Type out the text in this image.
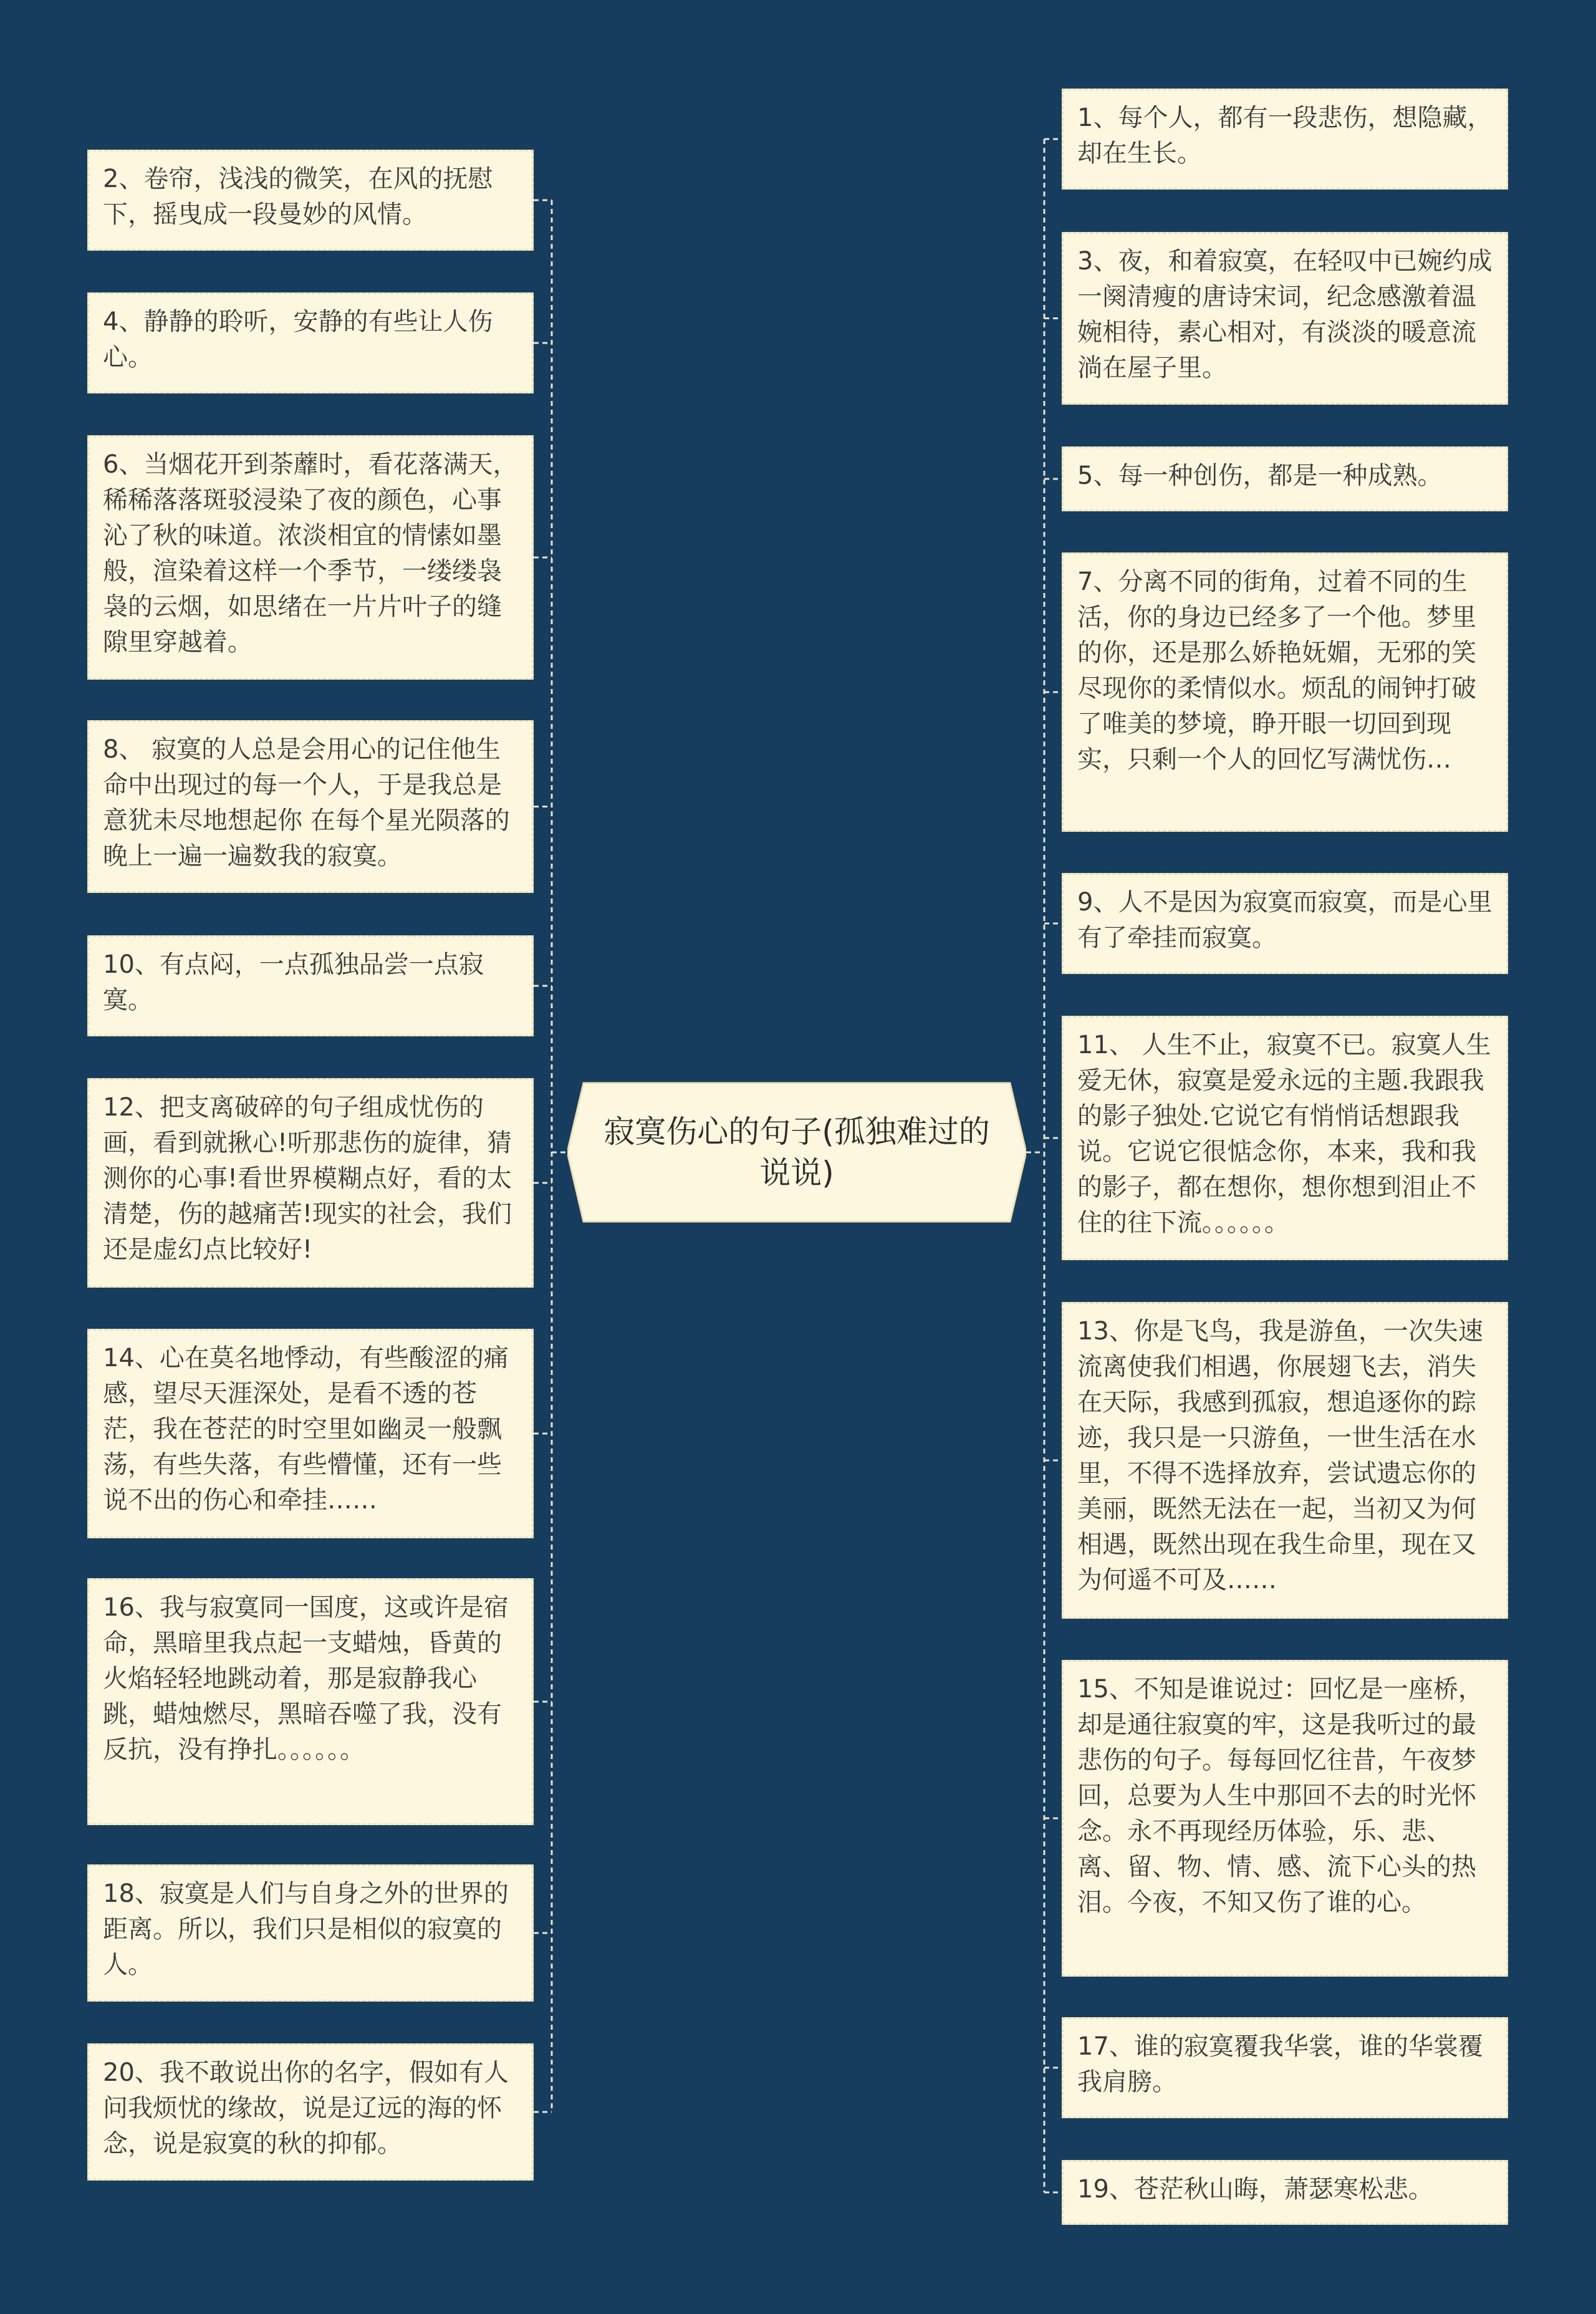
寂寞伤心的句子(孤独难过的说说)
2、卷帘，浅浅的微笑，在风的抚慰下，摇曳成一段曼妙的风情。
4、静静的聆听，安静的有些让人伤心。
6、当烟花开到荼蘼时，看花落满天，稀稀落落斑驳浸染了夜的颜色，心事沁了秋的味道。浓淡相宜的情愫如墨般，渲染着这样一个季节，一缕缕袅袅的云烟，如思绪在一片片叶子的缝隙里穿越着。
8、 寂寞的人总是会用心的记住他生命中出现过的每一个人，于是我总是意犹未尽地想起你 在每个星光陨落的晚上一遍一遍数我的寂寞。
10、有点闷，一点孤独品尝一点寂寞。
12、把支离破碎的句子组成忧伤的画，看到就揪心!听那悲伤的旋律，猜测你的心事!看世界模糊点好，看的太清楚，伤的越痛苦!现实的社会，我们还是虚幻点比较好!
14、心在莫名地悸动，有些酸涩的痛感，望尽天涯深处，是看不透的苍茫，我在苍茫的时空里如幽灵一般飘荡，有些失落，有些懵懂，还有一些说不出的伤心和牵挂……
16、我与寂寞同一国度，这或许是宿命，黑暗里我点起一支蜡烛，昏黄的火焰轻轻地跳动着，那是寂静我心跳，蜡烛燃尽，黑暗吞噬了我，没有反抗，没有挣扎。。。。。。
18、寂寞是人们与自身之外的世界的距离。所以，我们只是相似的寂寞的人。
20、我不敢说出你的名字，假如有人问我烦忧的缘故，说是辽远的海的怀念，说是寂寞的秋的抑郁。
1、每个人，都有一段悲伤，想隐藏，却在生长。
3、夜，和着寂寞，在轻叹中已婉约成一阕清瘦的唐诗宋词，纪念感激着温婉相待，素心相对，有淡淡的暖意流淌在屋子里。
5、每一种创伤，都是一种成熟。
7、分离不同的街角，过着不同的生活，你的身边已经多了一个他。梦里的你，还是那么娇艳妩媚，无邪的笑尽现你的柔情似水。烦乱的闹钟打破了唯美的梦境，睁开眼一切回到现实，只剩一个人的回忆写满忧伤…
9、人不是因为寂寞而寂寞，而是心里有了牵挂而寂寞。
11、 人生不止，寂寞不已。寂寞人生爱无休，寂寞是爱永远的主题.我跟我的影子独处.它说它有悄悄话想跟我说。它说它很惦念你，本来，我和我的影子，都在想你，想你想到泪止不住的往下流。。。。。。
13、你是飞鸟，我是游鱼，一次失速流离使我们相遇，你展翅飞去，消失在天际，我感到孤寂，想追逐你的踪迹，我只是一只游鱼，一世生活在水里，不得不选择放弃，尝试遗忘你的美丽，既然无法在一起，当初又为何相遇，既然出现在我生命里，现在又为何遥不可及……
15、不知是谁说过：回忆是一座桥，却是通往寂寞的牢，这是我听过的最悲伤的句子。每每回忆往昔，午夜梦回，总要为人生中那回不去的时光怀念。永不再现经历体验，乐、悲、离、留、物、情、感、流下心头的热泪。今夜，不知又伤了谁的心。
17、谁的寂寞覆我华裳，谁的华裳覆我肩膀。
19、苍茫秋山晦，萧瑟寒松悲。
